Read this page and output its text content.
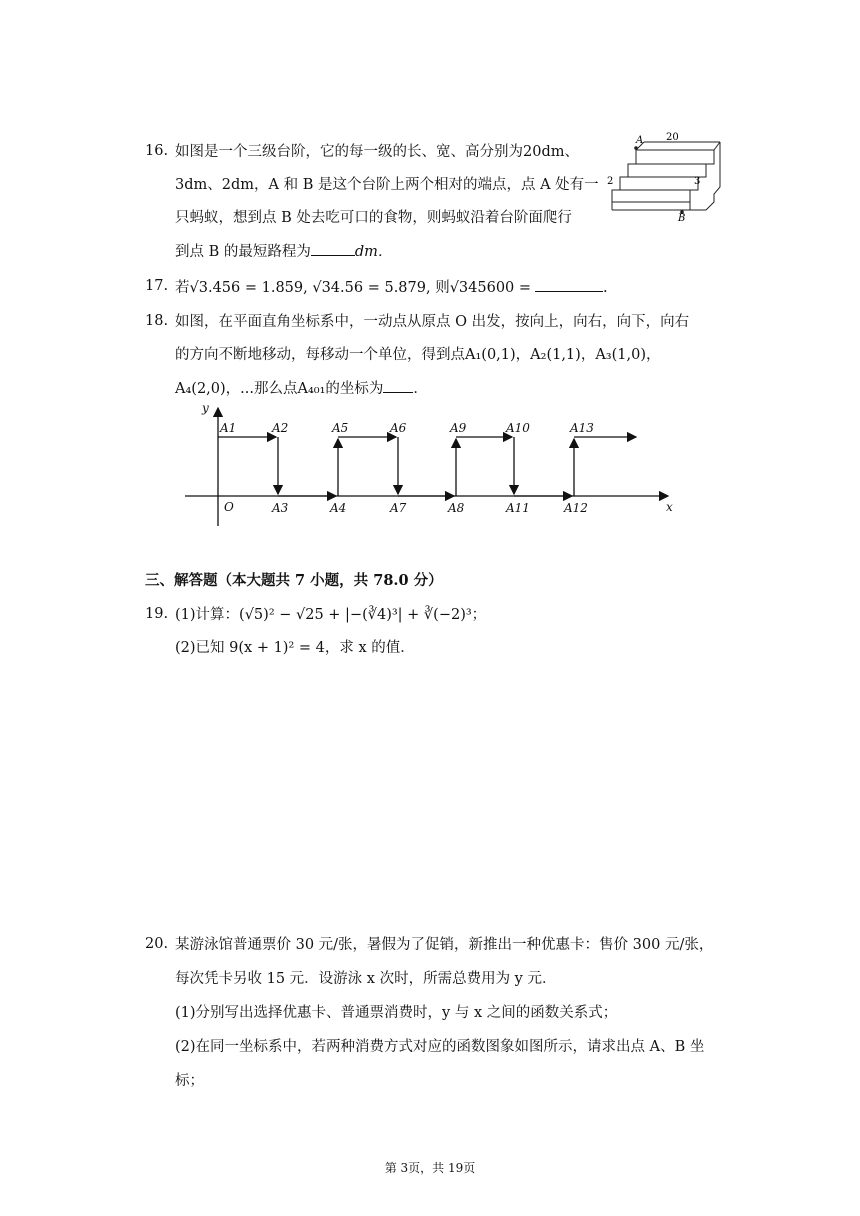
16. 如图是一个三级台阶，它的每一级的长、宽、高分别为20dm、
3dm、2dm，A 和 B 是这个台阶上两个相对的端点，点 A 处有一
只蚂蚁，想到点 B 处去吃可口的食物，则蚂蚁沿着台阶面爬行
到点 B 的最短路程为	dm．
A 20
2	3
B
17. 若√3.456 = 1.859, √34.56 = 5.879, 则√345600 =	.
18. 如图，在平面直角坐标系中，一动点从原点 O 出发，按向上，向右，向下，向右
的方向不断地移动，每移动一个单位，得到点A₁(0,1)，A₂(1,1)，A₃(1,0)，
A₄(2,0)，...那么点A₄₀₁的坐标为 ．
y
x
O
A1	A2	A5	A6	A9	A10	A13
A3	A4	A7	A8	A11	A12
三、解答题（本大题共 7 小题，共 78.0 分）
19. (1)计算：(√5)² − √25 + |−(∛4)³| + ∛(−2)³；
(2)已知 9(x + 1)² = 4，求 x 的值．
20. 某游泳馆普通票价 30 元/张，暑假为了促销，新推出一种优惠卡：售价 300 元/张，
每次凭卡另收 15 元．设游泳 x 次时，所需总费用为 y 元．
(1)分别写出选择优惠卡、普通票消费时，y 与 x 之间的函数关系式；
(2)在同一坐标系中，若两种消费方式对应的函数图象如图所示，请求出点 A、B 坐
标；
第 3页，共 19页
